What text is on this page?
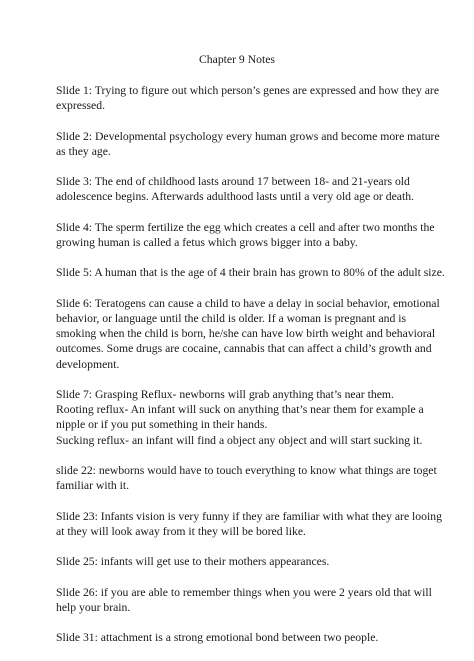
Chapter 9 Notes

Slide 1: Trying to figure out which person’s genes are expressed and how they are
expressed.

Slide 2: Developmental psychology every human grows and become more mature
as they age.

Slide 3: The end of childhood lasts around 17 between 18- and 21-years old
adolescence begins. Afterwards adulthood lasts until a very old age or death.

Slide 4: The sperm fertilize the egg which creates a cell and after two months the
growing human is called a fetus which grows bigger into a baby.

Slide 5: A human that is the age of 4 their brain has grown to 80% of the adult size.

Slide 6: Teratogens can cause a child to have a delay in social behavior, emotional
behavior, or language until the child is older. If a woman is pregnant and is
smoking when the child is born, he/she can have low birth weight and behavioral
outcomes. Some drugs are cocaine, cannabis that can affect a child’s growth and
development.

Slide 7: Grasping Reflux- newborns will grab anything that’s near them.
Rooting reflux- An infant will suck on anything that’s near them for example a
nipple or if you put something in their hands.
Sucking reflux- an infant will find a object any object and will start sucking it.

slide 22: newborns would have to touch everything to know what things are toget
familiar with it.

Slide 23: Infants vision is very funny if they are familiar with what they are looing
at they will look away from it they will be bored like.

Slide 25: infants will get use to their mothers appearances.

Slide 26: if you are able to remember things when you were 2 years old that will
help your brain.

Slide 31: attachment is a strong emotional bond between two people.
